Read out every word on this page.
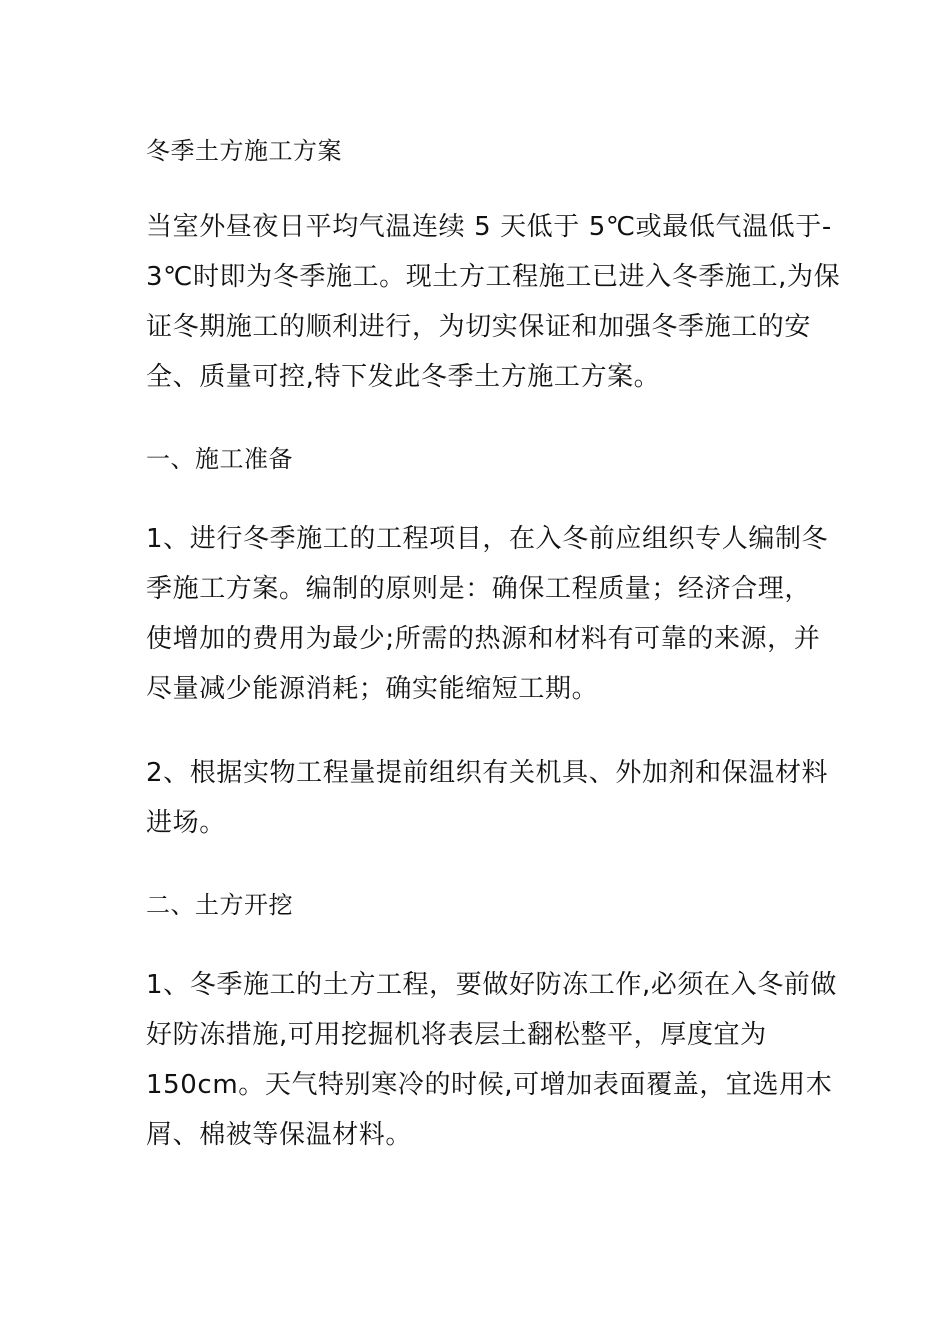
冬季土方施工方案
当室外昼夜日平均气温连续 5 天低于 5℃或最低气温低于-
3℃时即为冬季施工。现土方工程施工已进入冬季施工,为保
证冬期施工的顺利进行，为切实保证和加强冬季施工的安
全、质量可控,特下发此冬季土方施工方案。
一、施工准备
1、进行冬季施工的工程项目，在入冬前应组织专人编制冬
季施工方案。编制的原则是：确保工程质量；经济合理，
使增加的费用为最少;所需的热源和材料有可靠的来源，并
尽量减少能源消耗；确实能缩短工期。
2、根据实物工程量提前组织有关机具、外加剂和保温材料
进场。
二、土方开挖
1、冬季施工的土方工程，要做好防冻工作,必须在入冬前做
好防冻措施,可用挖掘机将表层土翻松整平，厚度宜为
150cm。天气特别寒冷的时候,可增加表面覆盖，宜选用木
屑、棉被等保温材料。
